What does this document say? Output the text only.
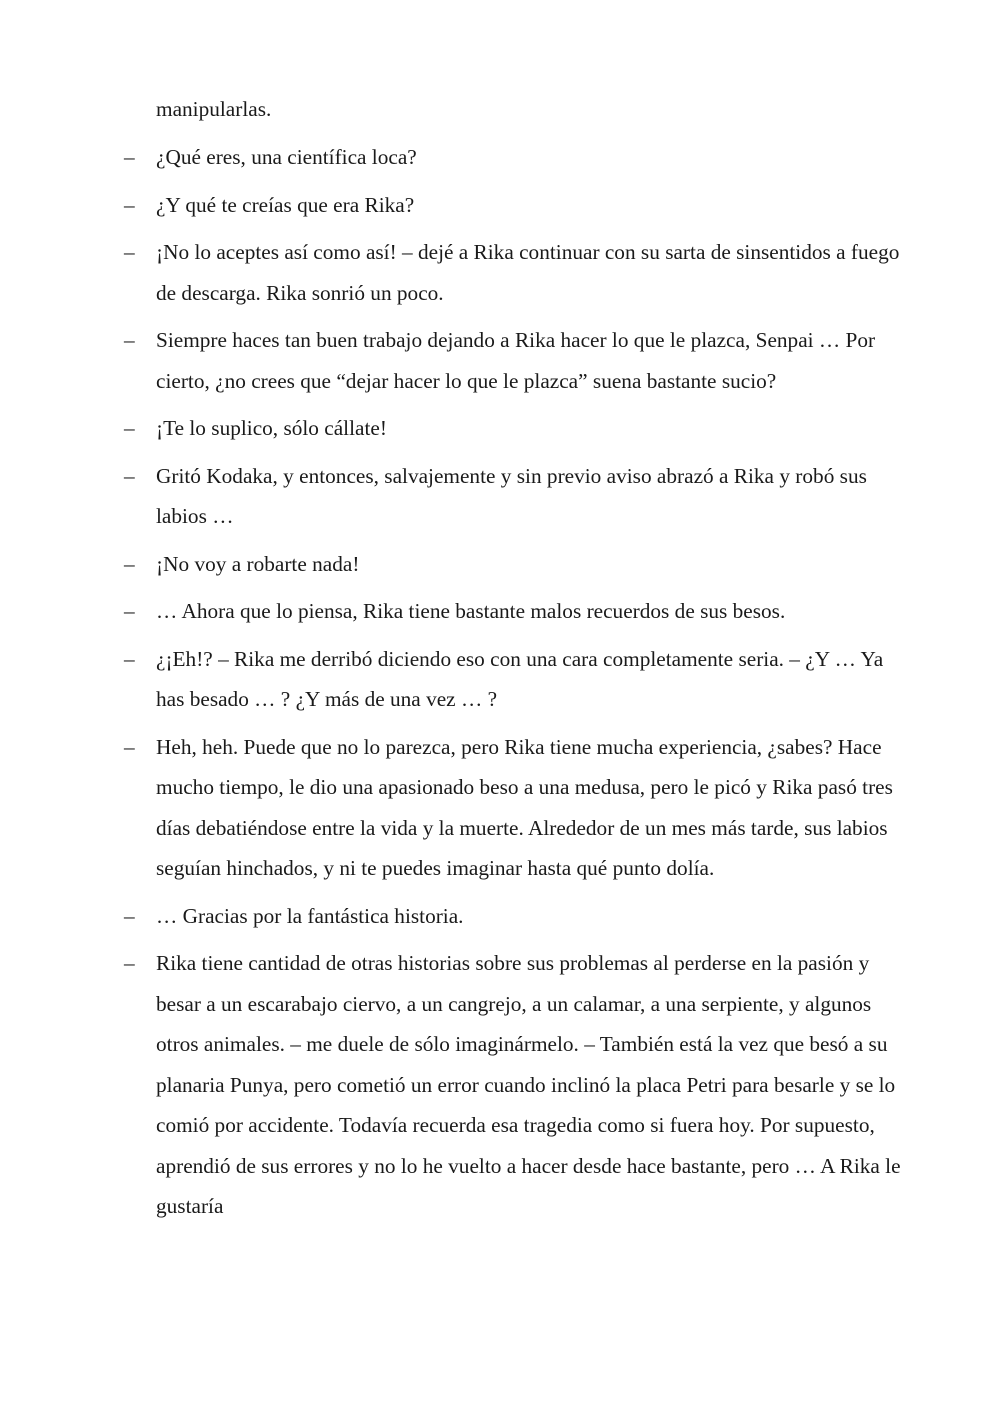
manipularlas.

– ¿Qué eres, una científica loca?
– ¿Y qué te creías que era Rika?
– ¡No lo aceptes así como así! – dejé a Rika continuar con su sarta de sinsentidos a fuego de descarga. Rika sonrió un poco.
– Siempre haces tan buen trabajo dejando a Rika hacer lo que le plazca, Senpai … Por cierto, ¿no crees que “dejar hacer lo que le plazca” suena bastante sucio?
– ¡Te lo suplico, sólo cállate!
– Gritó Kodaka, y entonces, salvajemente y sin previo aviso abrazó a Rika y robó sus labios …
– ¡No voy a robarte nada!
– … Ahora que lo piensa, Rika tiene bastante malos recuerdos de sus besos.
– ¿¡Eh!? – Rika me derribó diciendo eso con una cara completamente seria. – ¿Y … Ya has besado … ? ¿Y más de una vez … ?
– Heh, heh. Puede que no lo parezca, pero Rika tiene mucha experiencia, ¿sabes? Hace mucho tiempo, le dio una apasionado beso a una medusa, pero le picó y Rika pasó tres días debatiéndose entre la vida y la muerte. Alrededor de un mes más tarde, sus labios seguían hinchados, y ni te puedes imaginar hasta qué punto dolía.
– … Gracias por la fantástica historia.
– Rika tiene cantidad de otras historias sobre sus problemas al perderse en la pasión y besar a un escarabajo ciervo, a un cangrejo, a un calamar, a una serpiente, y algunos otros animales. – me duele de sólo imaginármelo. – También está la vez que besó a su planaria Punya, pero cometió un error cuando inclinó la placa Petri para besarle y se lo comió por accidente. Todavía recuerda esa tragedia como si fuera hoy. Por supuesto, aprendió de sus errores y no lo he vuelto a hacer desde hace bastante, pero … A Rika le gustaría
